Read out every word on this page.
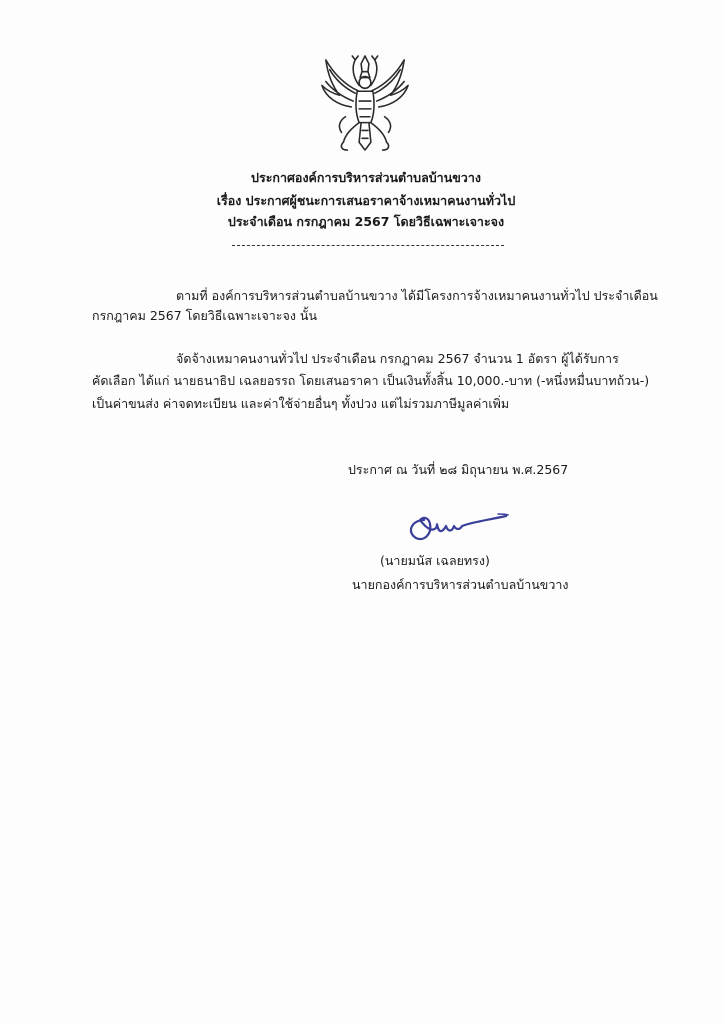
ประกาศองค์การบริหารส่วนตำบลบ้านขวาง
เรื่อง ประกาศผู้ชนะการเสนอราคาจ้างเหมาคนงานทั่วไป
ประจำเดือน กรกฎาคม 2567 โดยวิธีเฉพาะเจาะจง
ตามที่ องค์การบริหารส่วนตำบลบ้านขวาง ได้มีโครงการจ้างเหมาคนงานทั่วไป ประจำเดือน
กรกฎาคม 2567 โดยวิธีเฉพาะเจาะจง นั้น
จัดจ้างเหมาคนงานทั่วไป ประจำเดือน กรกฎาคม 2567 จำนวน 1 อัตรา ผู้ได้รับการ
คัดเลือก ได้แก่ นายธนาธิป เฉลยอรรถ โดยเสนอราคา เป็นเงินทั้งสิ้น 10,000.-บาท (-หนึ่งหมื่นบาทถ้วน-)
เป็นค่าขนส่ง ค่าจดทะเบียน และค่าใช้จ่ายอื่นๆ ทั้งปวง แต่ไม่รวมภาษีมูลค่าเพิ่ม
ประกาศ ณ วันที่ ๒๘ มิถุนายน พ.ศ.2567
(นายมนัส เฉลยทรง)
นายกองค์การบริหารส่วนตำบลบ้านขวาง
